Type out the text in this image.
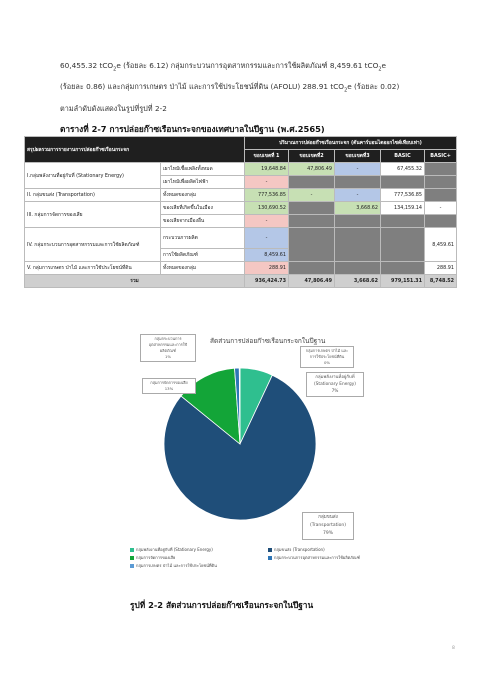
60,455.32 tCO$_2$e (ร้อยละ 6.12) กลุ่มกระบวนการอุตสาหกรรมและการใช้ผลิตภัณฑ์ 8,459.61 tCO$_2$e
(ร้อยละ 0.86) และกลุ่มการเกษตร ป่าไม้ และการใช้ประโยชน์ที่ดิน (AFOLU) 288.91 tCO$_2$e (ร้อยละ 0.02)
ตามลำดับดังแสดงในรูปที่รูปที่ 2-2
ตารางที่ 2-7 การปล่อยก๊าซเรือนกระจกของเทศบาลในปีฐาน (พ.ศ.2565)
สรุปผลรวมการรายงานการปล่อยก๊าซเรือนกระจก		ปริมาณการปล่อยก๊าซเรือนกระจก (ตันคาร์บอนไดออกไซด์เทียบเท่า)				
		ขอบเขตที่ 1	ขอบเขตที่2	ขอบเขตที่3	BASIC	BASIC+
I.กลุ่มพลังงานที่อยู่กับที่ (Stationary Energy)	เผาไหม้เชื้อเพลิงทั้งหมด	19,648.84	47,806.49	-	67,455.32	
	เผาไหม้เพื่อผลิตไฟฟ้า	-				
II. กลุ่มขนส่ง (Transportation)	ทั้งหมดของกลุ่ม	777,536.85	-	-	777,536.85	
III. กลุ่มการจัดการของเสีย	ของเสียที่เกิดขึ้นในเมือง	130,690.52		3,668.62	134,159.14	-
	ของเสียจากเมืองอื่น	-				
IV. กลุ่มกระบวนการอุตสาหกรรมและการใช้ผลิตภัณฑ์	กระบวนการผลิต	-				8,459.61
	การใช้ผลิตภัณฑ์	8,459.61				
V. กลุ่มการเกษตร ป่าไม้ และการใช้ประโยชน์ที่ดิน	ทั้งหมดของกลุ่ม	288.91				288.91
รวม		936,424.73	47,806.49	3,668.62	979,151.31	8,748.52
สัดส่วนการปล่อยก๊าซเรือนกระจกในปีฐาน
กลุ่มกระบวนการ
อุตสาหกรรมและการใช้
ผลิตภัณฑ์
1%
กลุ่มการเกษตร ป่าไม้ และ
การใช้ประโยชน์ที่ดิน
0%
กลุ่มพลังงานที่อยู่กับที่
(Stationary Energy)
7%
กลุ่มการจัดการของเสีย
13%
กลุ่มขนส่ง
(Transportation)
79%
กลุ่มพลังงานที่อยู่กับที่ (Stationary Energy)	กลุ่มขนส่ง (Transportation)
กลุ่มการจัดการของเสีย	กลุ่มกระบวนการอุตสาหกรรมและการใช้ผลิตภัณฑ์
กลุ่มการเกษตร ป่าไม้ และการใช้ประโยชน์ที่ดิน
รูปที่ 2-2 สัดส่วนการปล่อยก๊าซเรือนกระจกในปีฐาน
8
